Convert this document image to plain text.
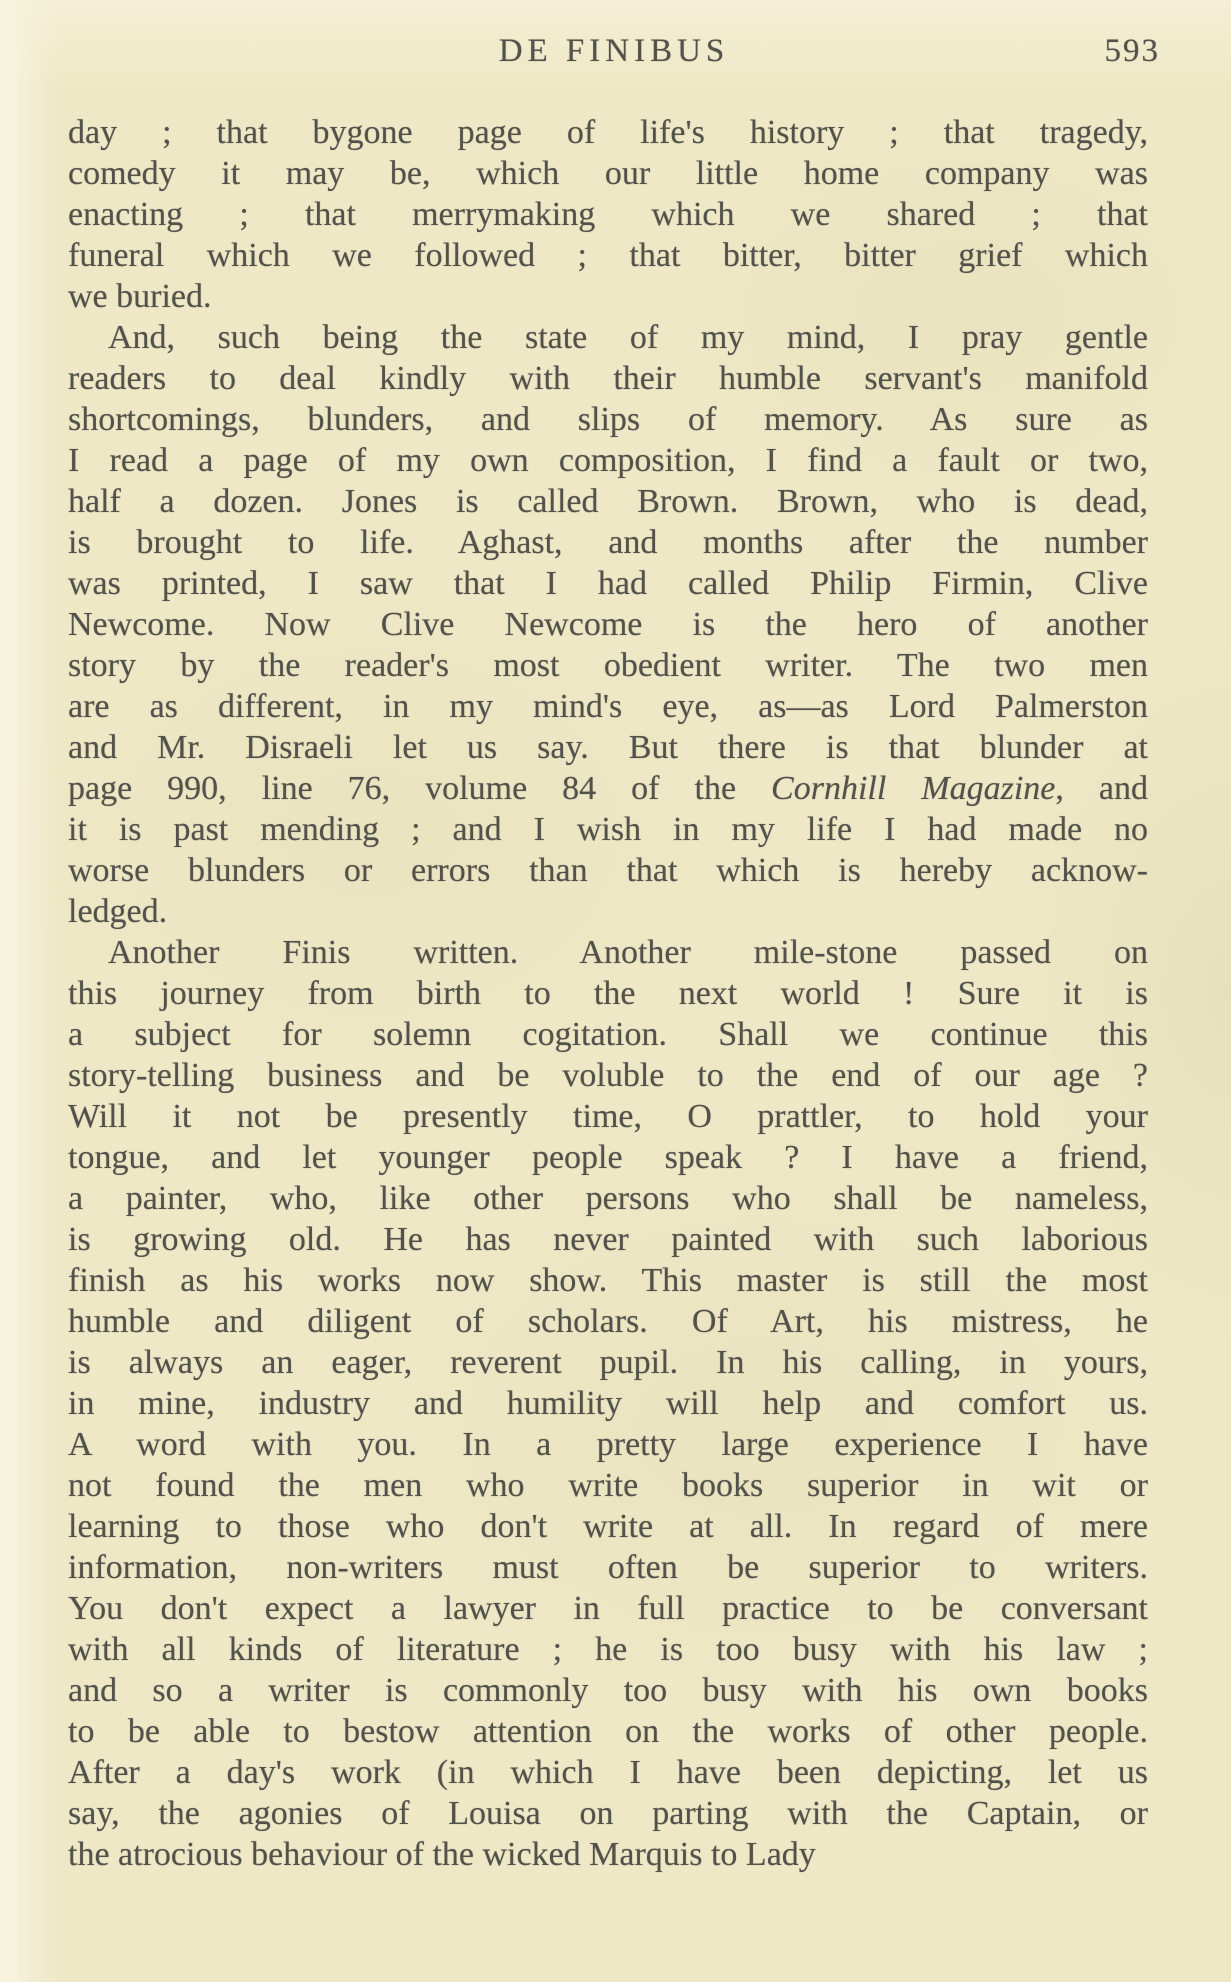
DE FINIBUS	593
day ; that bygone page of life's history ; that tragedy,
comedy it may be, which our little home company was
enacting ; that merrymaking which we shared ; that
funeral which we followed ; that bitter, bitter grief which
we buried.
And, such being the state of my mind, I pray gentle
readers to deal kindly with their humble servant's manifold
shortcomings, blunders, and slips of memory. As sure as
I read a page of my own composition, I find a fault or two,
half a dozen. Jones is called Brown. Brown, who is dead,
is brought to life. Aghast, and months after the number
was printed, I saw that I had called Philip Firmin, Clive
Newcome. Now Clive Newcome is the hero of another
story by the reader's most obedient writer. The two men
are as different, in my mind's eye, as—as Lord Palmerston
and Mr. Disraeli let us say. But there is that blunder at
page 990, line 76, volume 84 of the Cornhill Magazine, and
it is past mending ; and I wish in my life I had made no
worse blunders or errors than that which is hereby acknow-
ledged.
Another Finis written. Another mile-stone passed on
this journey from birth to the next world ! Sure it is
a subject for solemn cogitation. Shall we continue this
story-telling business and be voluble to the end of our age ?
Will it not be presently time, O prattler, to hold your
tongue, and let younger people speak ? I have a friend,
a painter, who, like other persons who shall be nameless,
is growing old. He has never painted with such laborious
finish as his works now show. This master is still the most
humble and diligent of scholars. Of Art, his mistress, he
is always an eager, reverent pupil. In his calling, in yours,
in mine, industry and humility will help and comfort us.
A word with you. In a pretty large experience I have
not found the men who write books superior in wit or
learning to those who don't write at all. In regard of mere
information, non-writers must often be superior to writers.
You don't expect a lawyer in full practice to be conversant
with all kinds of literature ; he is too busy with his law ;
and so a writer is commonly too busy with his own books
to be able to bestow attention on the works of other people.
After a day's work (in which I have been depicting, let us
say, the agonies of Louisa on parting with the Captain, or
the atrocious behaviour of the wicked Marquis to Lady
